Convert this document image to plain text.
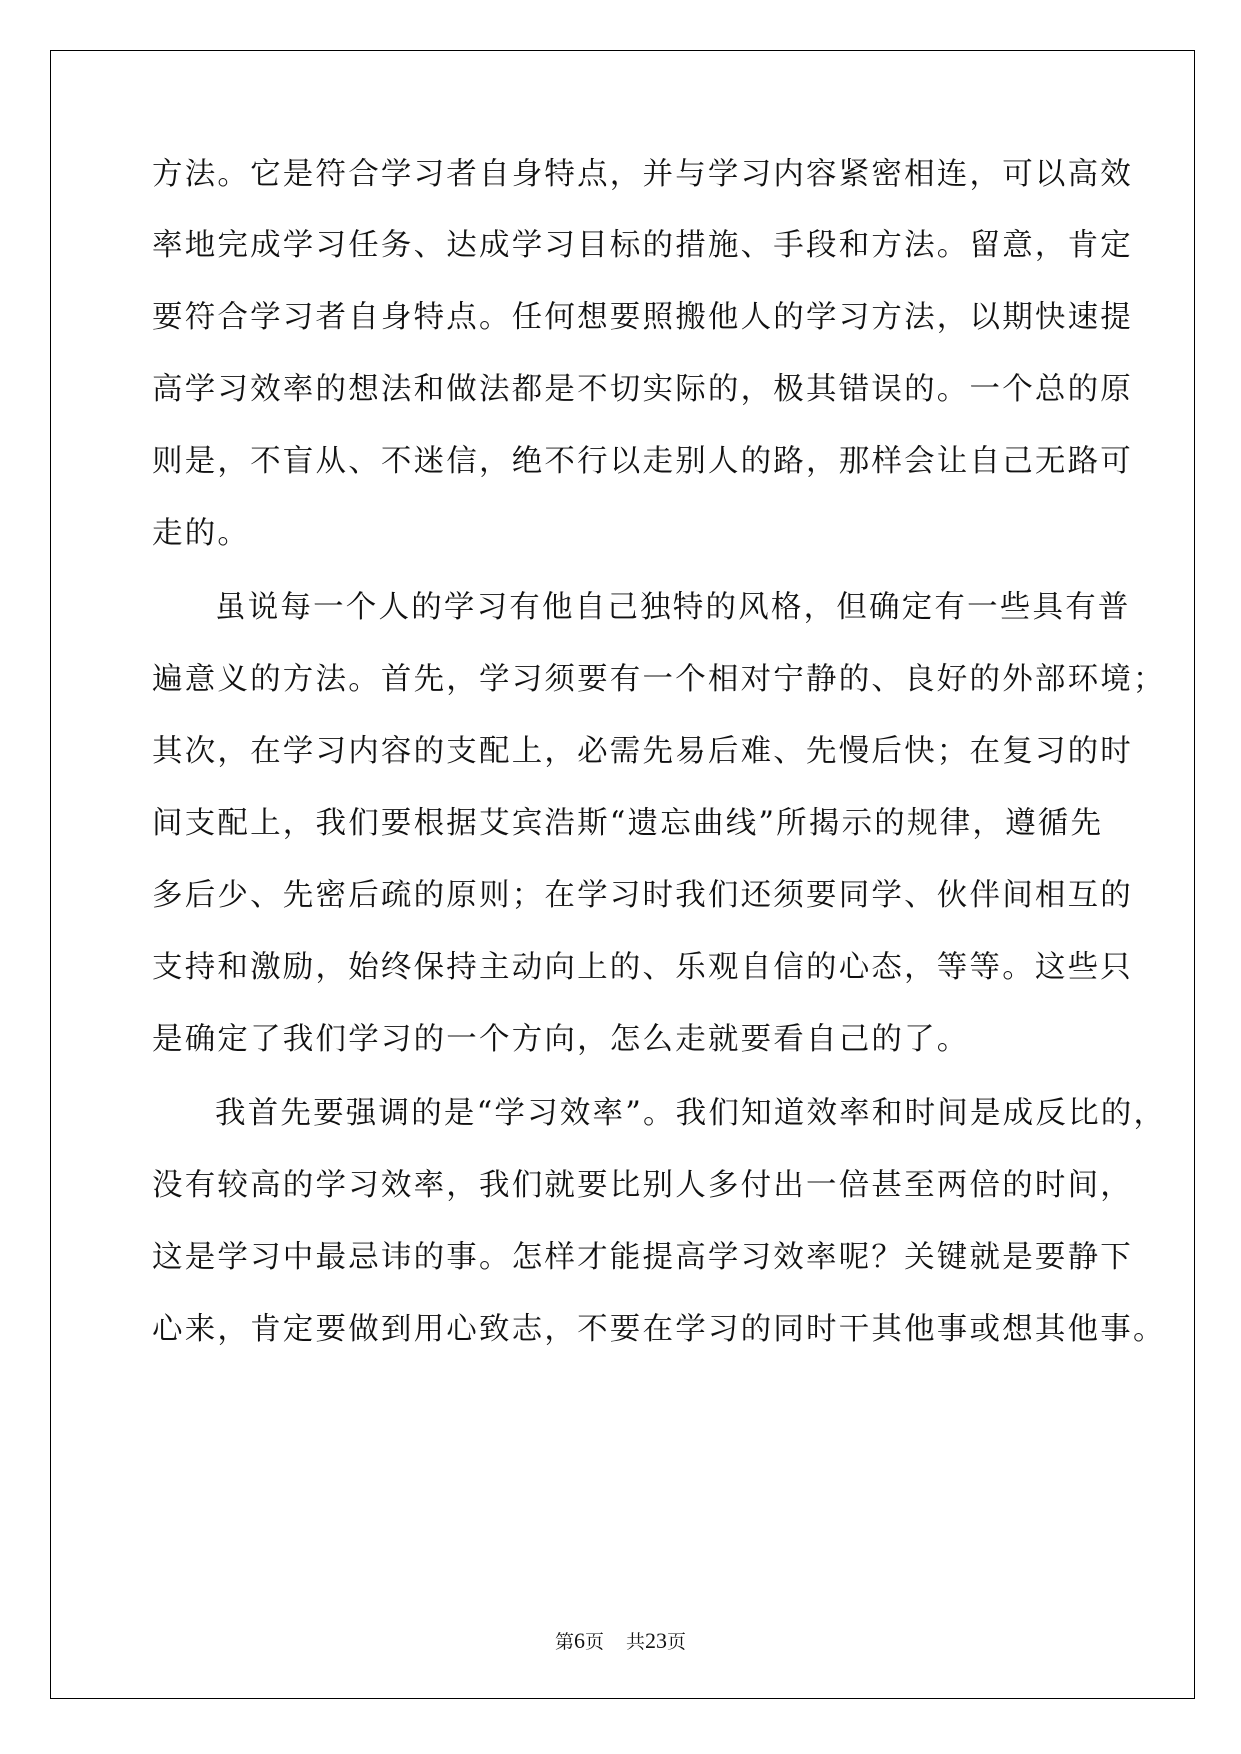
方法。它是符合学习者自身特点，并与学习内容紧密相连，可以高效
率地完成学习任务、达成学习目标的措施、手段和方法。留意，肯定
要符合学习者自身特点。任何想要照搬他人的学习方法，以期快速提
高学习效率的想法和做法都是不切实际的，极其错误的。一个总的原
则是，不盲从、不迷信，绝不行以走别人的路，那样会让自己无路可
走的。
虽说每一个人的学习有他自己独特的风格，但确定有一些具有普
遍意义的方法。首先，学习须要有一个相对宁静的、良好的外部环境；
其次，在学习内容的支配上，必需先易后难、先慢后快；在复习的时
间支配上，我们要根据艾宾浩斯“遗忘曲线”所揭示的规律，遵循先
多后少、先密后疏的原则；在学习时我们还须要同学、伙伴间相互的
支持和激励，始终保持主动向上的、乐观自信的心态，等等。这些只
是确定了我们学习的一个方向，怎么走就要看自己的了。
我首先要强调的是“学习效率”。我们知道效率和时间是成反比的，
没有较高的学习效率，我们就要比别人多付出一倍甚至两倍的时间，
这是学习中最忌讳的事。怎样才能提高学习效率呢？关键就是要静下
心来，肯定要做到用心致志，不要在学习的同时干其他事或想其他事。
第6页 共23页
